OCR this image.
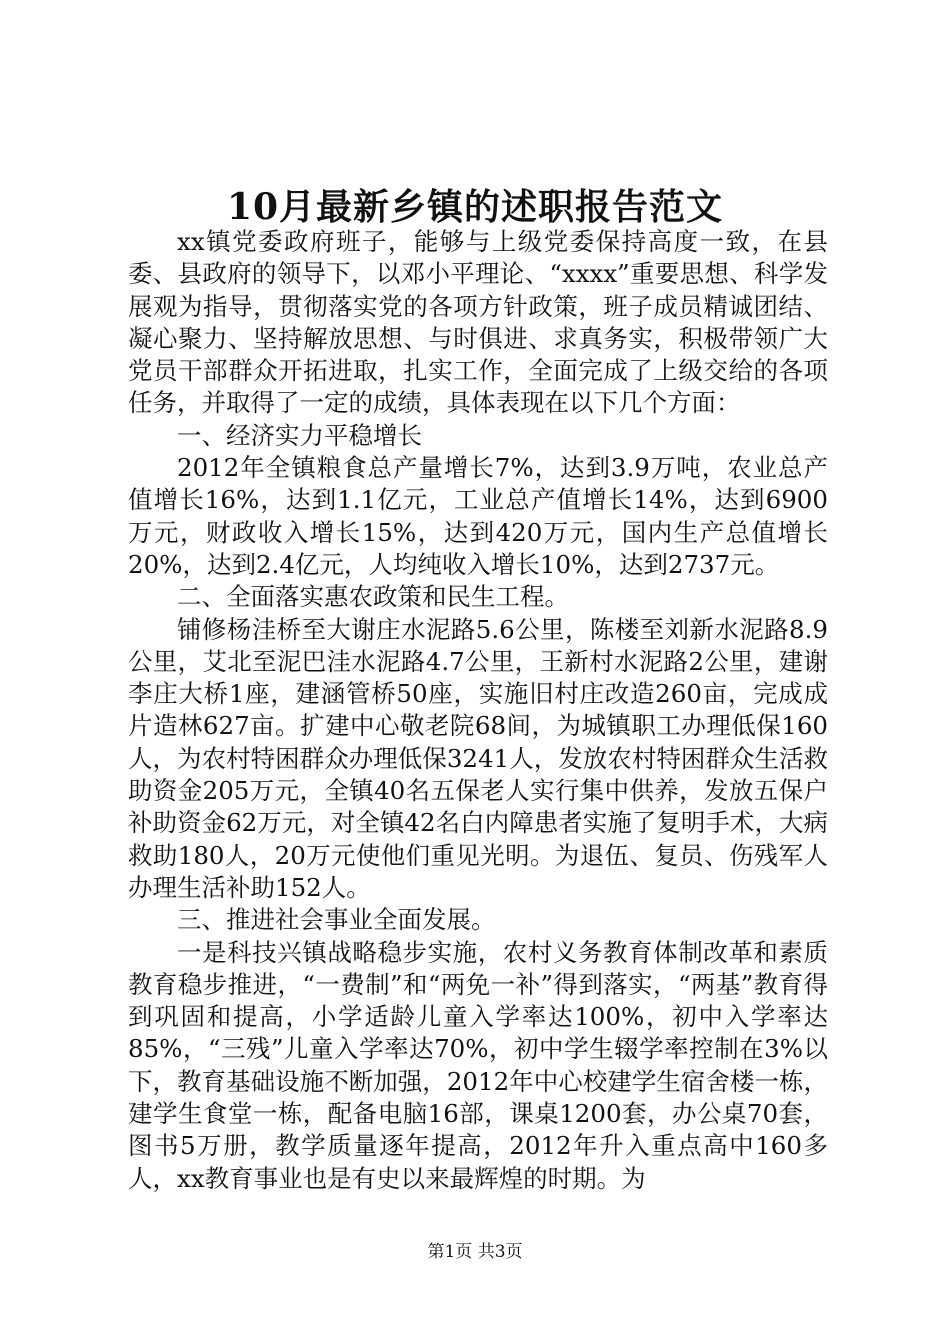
10月最新乡镇的述职报告范文

xx镇党委政府班子，能够与上级党委保持高度一致，在县委、县政府的领导下，以邓小平理论、“xxxx”重要思想、科学发展观为指导，贯彻落实党的各项方针政策，班子成员精诚团结、凝心聚力、坚持解放思想、与时俱进、求真务实，积极带领广大党员干部群众开拓进取，扎实工作，全面完成了上级交给的各项任务，并取得了一定的成绩，具体表现在以下几个方面：

一、经济实力平稳增长

2012年全镇粮食总产量增长7%，达到3.9万吨，农业总产值增长16%，达到1.1亿元，工业总产值增长14%，达到6900万元，财政收入增长15%，达到420万元，国内生产总值增长20%，达到2.4亿元，人均纯收入增长10%，达到2737元。

二、全面落实惠农政策和民生工程。

铺修杨洼桥至大谢庄水泥路5.6公里，陈楼至刘新水泥路8.9公里，艾北至泥巴洼水泥路4.7公里，王新村水泥路2公里，建谢李庄大桥1座，建涵管桥50座，实施旧村庄改造260亩，完成成片造林627亩。扩建中心敬老院68间，为城镇职工办理低保160人，为农村特困群众办理低保3241人，发放农村特困群众生活救助资金205万元，全镇40名五保老人实行集中供养，发放五保户补助资金62万元，对全镇42名白内障患者实施了复明手术，大病救助180人，20万元使他们重见光明。为退伍、复员、伤残军人办理生活补助152人。

三、推进社会事业全面发展。

一是科技兴镇战略稳步实施，农村义务教育体制改革和素质教育稳步推进，“一费制”和“两免一补”得到落实，“两基”教育得到巩固和提高，小学适龄儿童入学率达100%，初中入学率达85%，“三残”儿童入学率达70%，初中学生辍学率控制在3%以下，教育基础设施不断加强，2012年中心校建学生宿舍楼一栋，建学生食堂一栋，配备电脑16部，课桌1200套，办公桌70套，图书5万册，教学质量逐年提高，2012年升入重点高中160多人，xx教育事业也是有史以来最辉煌的时期。为

第1页 共3页
